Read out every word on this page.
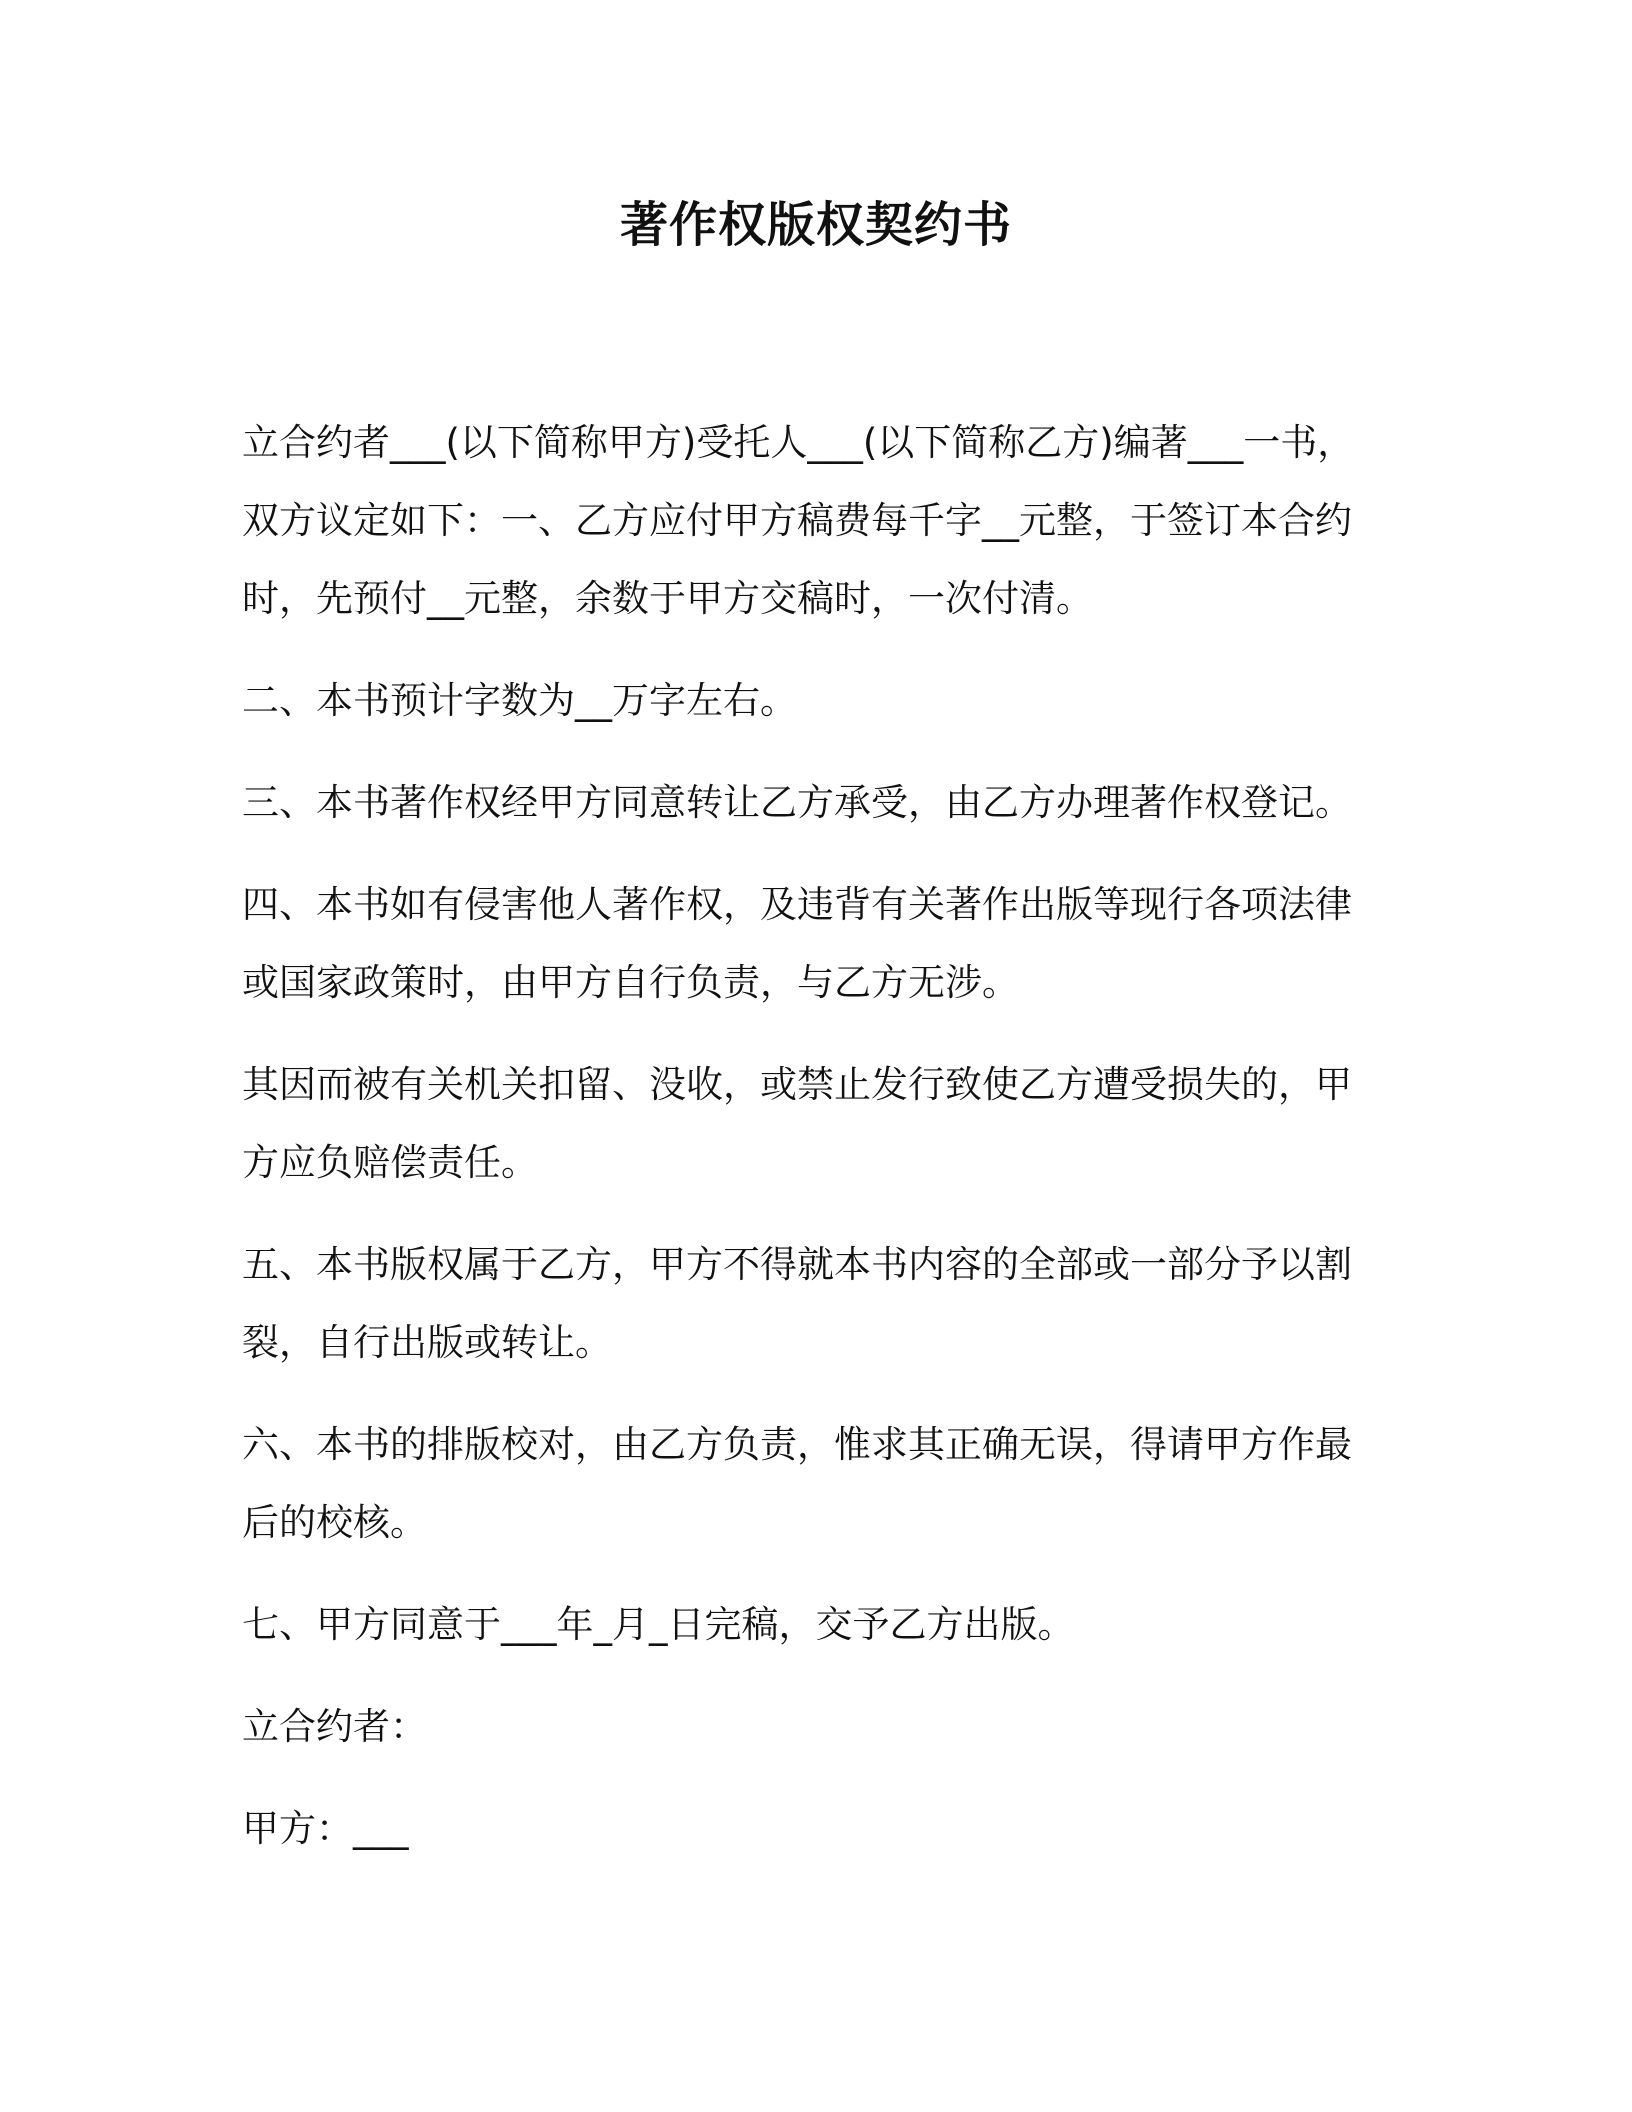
著作权版权契约书

立合约者___(以下简称甲方)受托人___(以下简称乙方)编著___一书，
双方议定如下：一、乙方应付甲方稿费每千字__元整，于签订本合约
时，先预付__元整，余数于甲方交稿时，一次付清。

二、本书预计字数为__万字左右。

三、本书著作权经甲方同意转让乙方承受，由乙方办理著作权登记。

四、本书如有侵害他人著作权，及违背有关著作出版等现行各项法律
或国家政策时，由甲方自行负责，与乙方无涉。

其因而被有关机关扣留、没收，或禁止发行致使乙方遭受损失的，甲
方应负赔偿责任。

五、本书版权属于乙方，甲方不得就本书内容的全部或一部分予以割
裂，自行出版或转让。

六、本书的排版校对，由乙方负责，惟求其正确无误，得请甲方作最
后的校核。

七、甲方同意于___年_月_日完稿，交予乙方出版。

立合约者：

甲方：___
